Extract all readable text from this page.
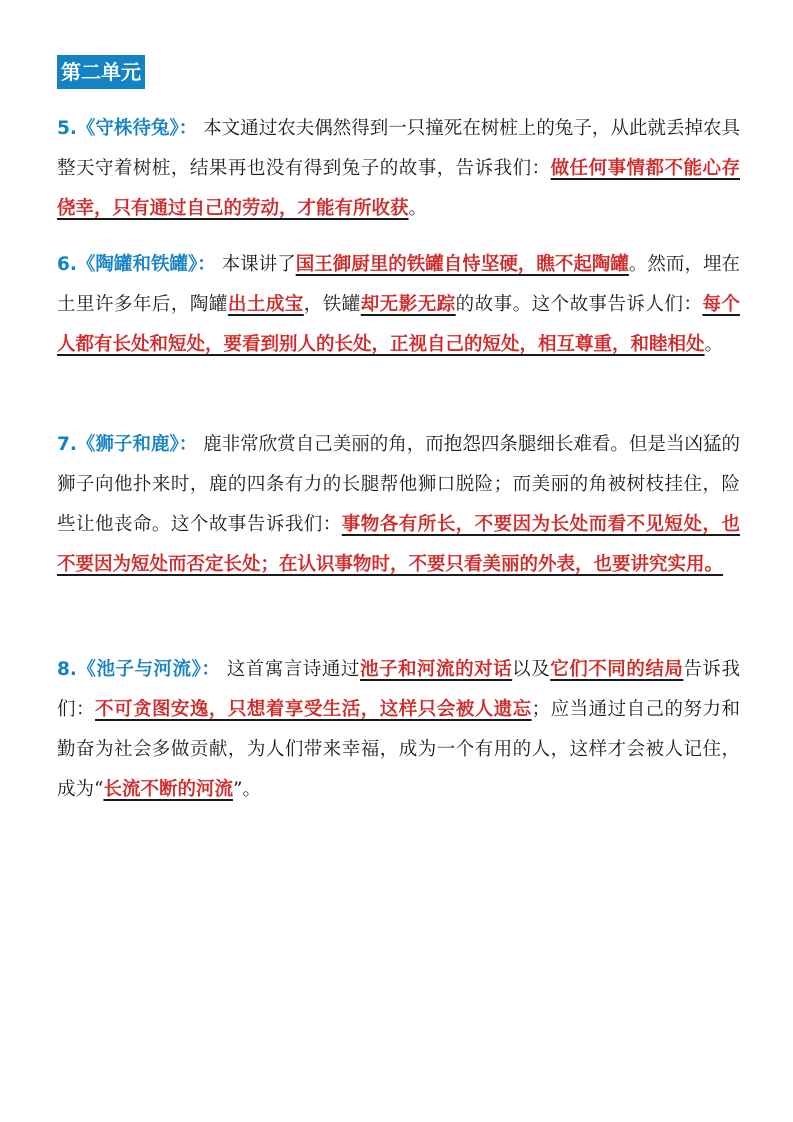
第二单元
5.《守株待兔》： 本文通过农夫偶然得到一只撞死在树桩上的兔子，从此就丢掉农具整天守着树桩，结果再也没有得到兔子的故事，告诉我们：做任何事情都不能心存侥幸，只有通过自己的劳动，才能有所收获。
6.《陶罐和铁罐》： 本课讲了国王御厨里的铁罐自恃坚硬，瞧不起陶罐。然而，埋在土里许多年后，陶罐出土成宝，铁罐却无影无踪的故事。这个故事告诉人们：每个人都有长处和短处，要看到别人的长处，正视自己的短处，相互尊重，和睦相处。
7.《狮子和鹿》： 鹿非常欣赏自己美丽的角，而抱怨四条腿细长难看。但是当凶猛的狮子向他扑来时，鹿的四条有力的长腿帮他狮口脱险；而美丽的角被树枝挂住，险些让他丧命。这个故事告诉我们：事物各有所长，不要因为长处而看不见短处，也不要因为短处而否定长处；在认识事物时，不要只看美丽的外表，也要讲究实用。
8.《池子与河流》： 这首寓言诗通过池子和河流的对话以及它们不同的结局告诉我们：不可贪图安逸，只想着享受生活，这样只会被人遗忘；应当通过自己的努力和勤奋为社会多做贡献，为人们带来幸福，成为一个有用的人，这样才会被人记住，成为“长流不断的河流”。
